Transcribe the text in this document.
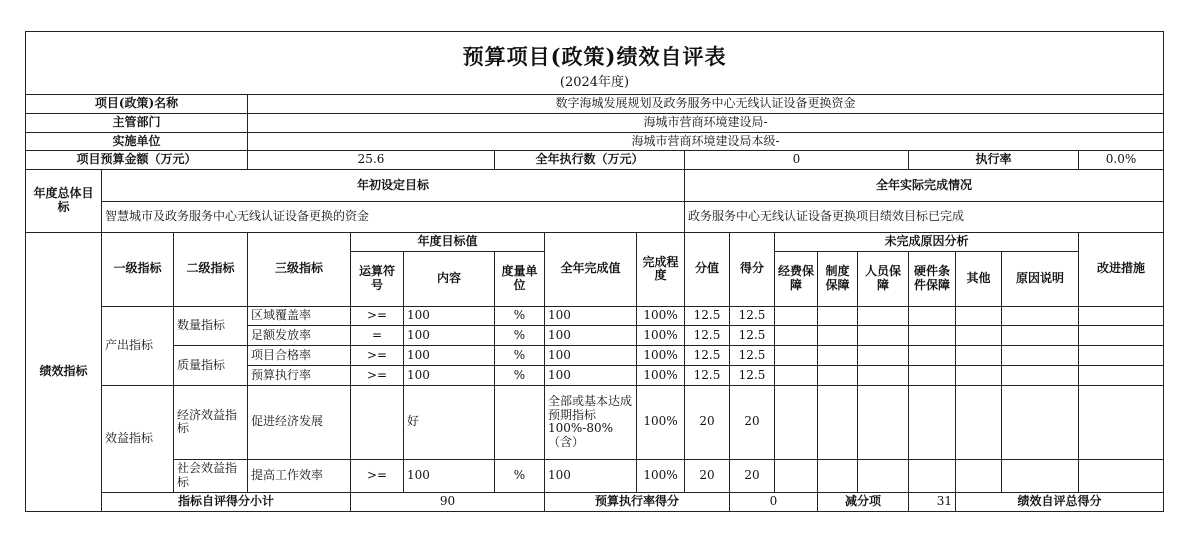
预算项目(政策)绩效自评表																		
(2024年度)																		
项目(政策)名称			数字海城发展规划及政务服务中心无线认证设备更换资金															
主管部门			海城市营商环境建设局-															
实施单位			海城市营商环境建设局本级-															
项目预算金额（万元）			25.6			全年执行数（万元）			0					执行率			0.0%	
年度总体目标	年初设定目标								全年实际完成情况									
	智慧城市及政务服务中心无线认证设备更换的资金								政务服务中心无线认证设备更换项目绩效目标已完成									
绩效指标	一级指标	二级指标	三级指标	年度目标值			全年完成值	完成程度	分值	得分	未完成原因分析						改进措施	
				运算符号	内容	度量单位					经费保障	制度保障	人员保障	硬件条件保障	其他	原因说明		
	产出指标	数量指标	区域覆盖率	>=	100	%	100	100%	12.5	12.5								
			足额发放率	=	100	%	100	100%	12.5	12.5								
		质量指标	项目合格率	>=	100	%	100	100%	12.5	12.5								
			预算执行率	>=	100	%	100	100%	12.5	12.5								
	效益指标	经济效益指标	促进经济发展		好		全部或基本达成预期指标100%-80%（含）	100%	20	20								
		社会效益指标	提高工作效率	>=	100	%	100	100%	20	20								
	指标自评得分小计			90			预算执行率得分			0		减分项		31	绩效自评总得分	
